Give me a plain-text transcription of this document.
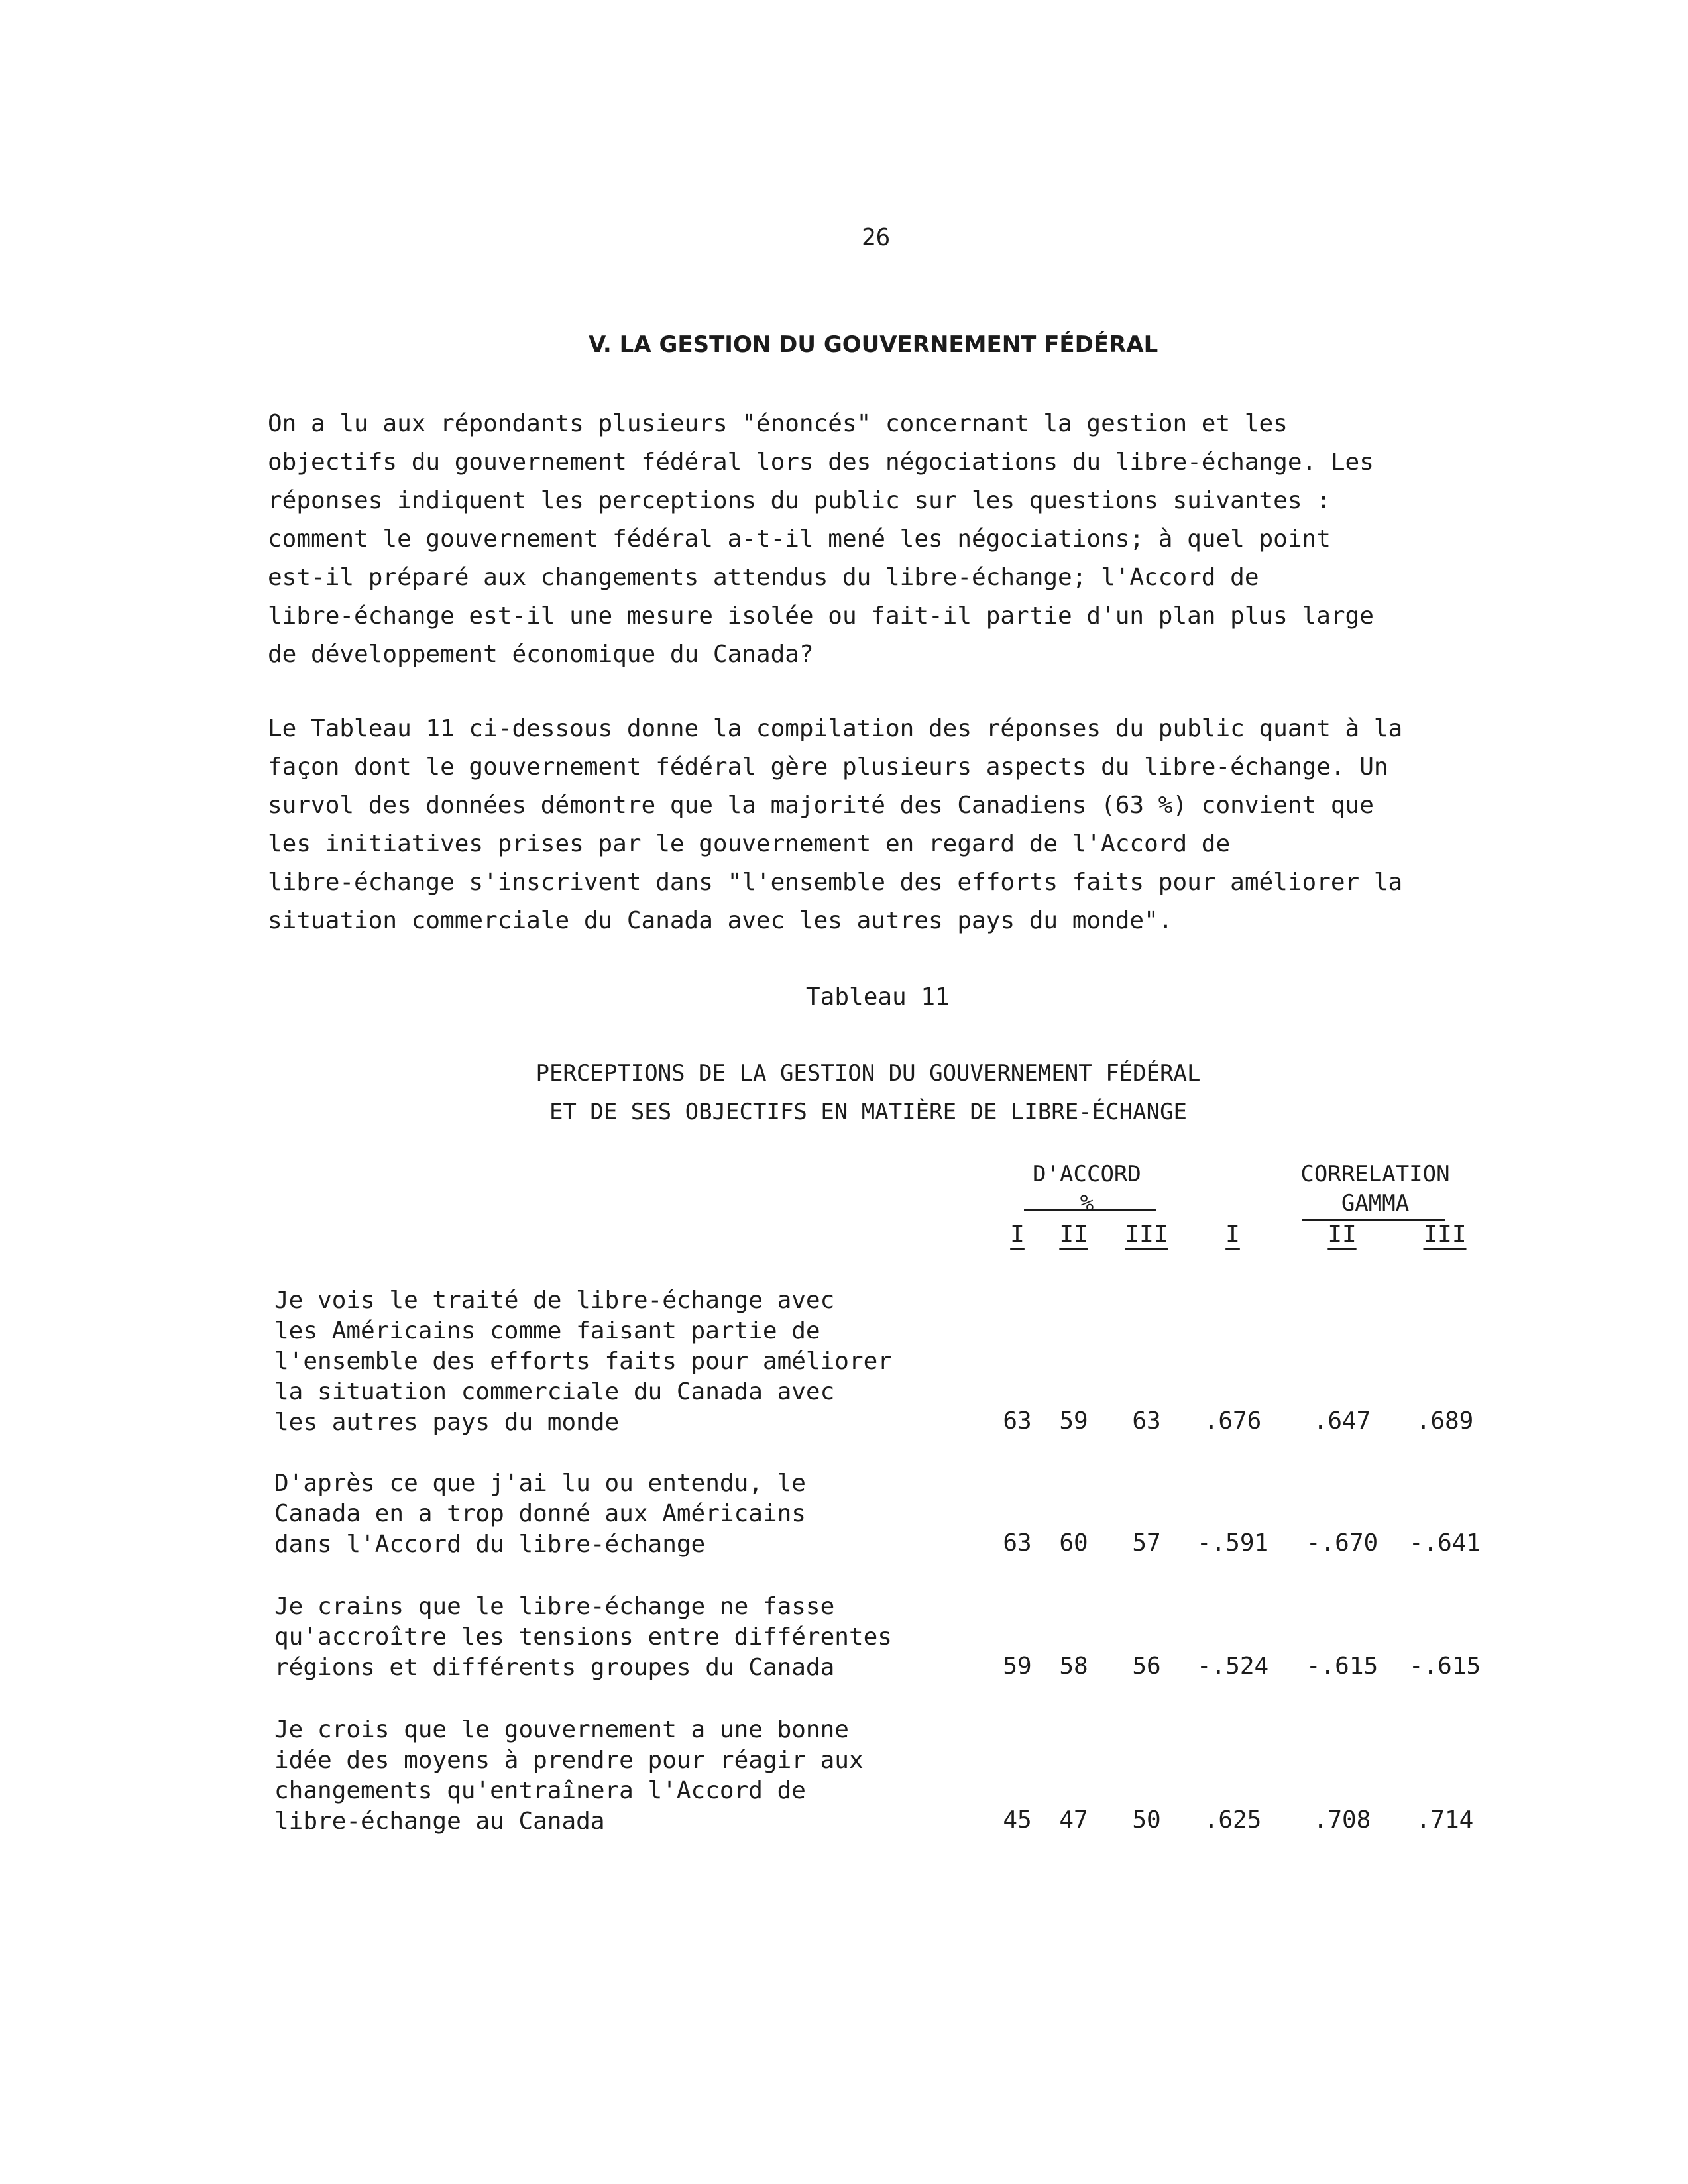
26
V. LA GESTION DU GOUVERNEMENT FÉDÉRAL
On a lu aux répondants plusieurs "énoncés" concernant la gestion et les
objectifs du gouvernement fédéral lors des négociations du libre-échange. Les
réponses indiquent les perceptions du public sur les questions suivantes :
comment le gouvernement fédéral a-t-il mené les négociations; à quel point
est-il préparé aux changements attendus du libre-échange; l'Accord de
libre-échange est-il une mesure isolée ou fait-il partie d'un plan plus large
de développement économique du Canada?
Le Tableau 11 ci-dessous donne la compilation des réponses du public quant à la
façon dont le gouvernement fédéral gère plusieurs aspects du libre-échange. Un
survol des données démontre que la majorité des Canadiens (63 %) convient que
les initiatives prises par le gouvernement en regard de l'Accord de
libre-échange s'inscrivent dans "l'ensemble des efforts faits pour améliorer la
situation commerciale du Canada avec les autres pays du monde".
Tableau 11
PERCEPTIONS DE LA GESTION DU GOUVERNEMENT FÉDÉRAL
ET DE SES OBJECTIFS EN MATIÈRE DE LIBRE-ÉCHANGE
D'ACCORD
%
CORRELATION
GAMMA
I	II	III	I	II	III
Je vois le traité de libre-échange avec
les Américains comme faisant partie de
l'ensemble des efforts faits pour améliorer
la situation commerciale du Canada avec
les autres pays du monde	63	59	63	.676	.647	.689
D'après ce que j'ai lu ou entendu, le
Canada en a trop donné aux Américains
dans l'Accord du libre-échange	63	60	57	-.591	-.670	-.641
Je crains que le libre-échange ne fasse
qu'accroître les tensions entre différentes
régions et différents groupes du Canada	59	58	56	-.524	-.615	-.615
Je crois que le gouvernement a une bonne
idée des moyens à prendre pour réagir aux
changements qu'entraînera l'Accord de
libre-échange au Canada	45	47	50	.625	.708	.714
